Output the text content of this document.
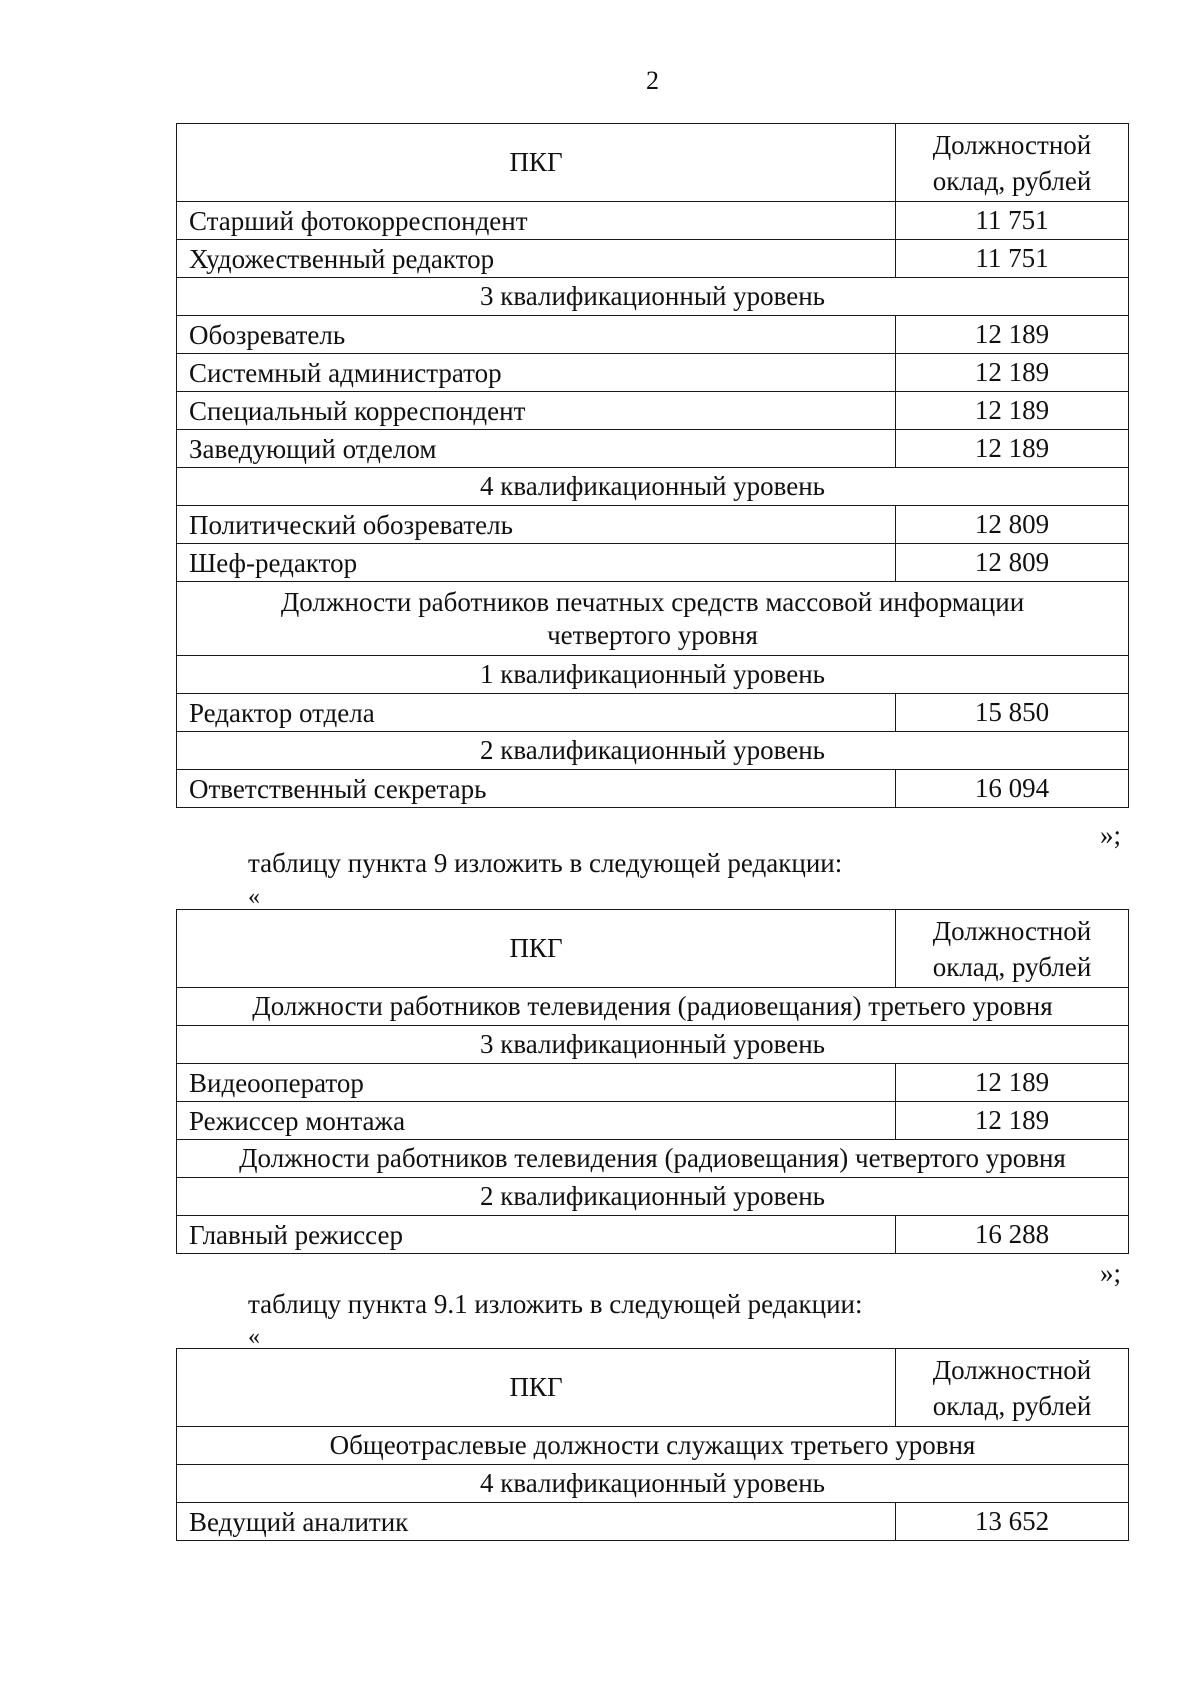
2
ПКГ	Должностной оклад, рублей
Старший фотокорреспондент	11 751
Художественный редактор	11 751
3 квалификационный уровень	
Обозреватель	12 189
Системный администратор	12 189
Специальный корреспондент	12 189
Заведующий отделом	12 189
4 квалификационный уровень	
Политический обозреватель	12 809
Шеф-редактор	12 809
Должности работников печатных средств массовой информации четвертого уровня	
1 квалификационный уровень	
Редактор отдела	15 850
2 квалификационный уровень	
Ответственный секретарь	16 094
»;
таблицу пункта 9 изложить в следующей редакции:
«
ПКГ	Должностной оклад, рублей
Должности работников телевидения (радиовещания) третьего уровня	
3 квалификационный уровень	
Видеооператор	12 189
Режиссер монтажа	12 189
Должности работников телевидения (радиовещания) четвертого уровня	
2 квалификационный уровень	
Главный режиссер	16 288
»;
таблицу пункта 9.1 изложить в следующей редакции:
«
ПКГ	Должностной оклад, рублей
Общеотраслевые должности служащих третьего уровня	
4 квалификационный уровень	
Ведущий аналитик	13 652
